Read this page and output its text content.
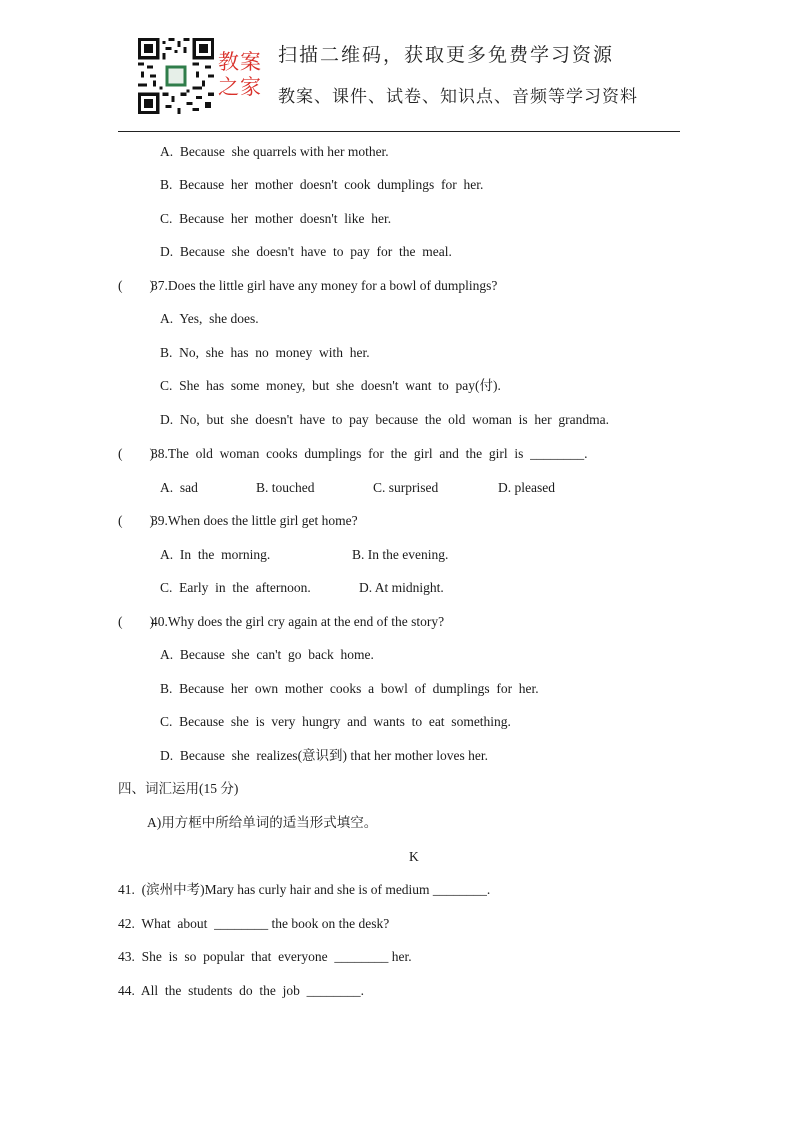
教案
之家
扫描二维码，获取更多免费学习资源
教案、课件、试卷、知识点、音频等学习资料
A.  Because  she quarrels with her mother.
B.  Because  her  mother  doesn't  cook  dumplings  for  her.
C.  Because  her  mother  doesn't  like  her.
D.  Because  she  doesn't  have  to  pay  for  the  meal.
(        )
37.Does the little girl have any money for a bowl of dumplings?
A.  Yes,  she does.
B.  No,  she  has  no  money  with  her.
C.  She  has  some  money,  but  she  doesn't  want  to  pay(付).
D.  No,  but  she  doesn't  have  to  pay  because  the  old  woman  is  her  grandma.
(        )
38.The  old  woman  cooks  dumplings  for  the  girl  and  the  girl  is  ________.
A.  sad	B. touched	C. surprised	D. pleased
(        )
39.When does the little girl get home?
A.  In  the  morning.	B. In the evening.
C.  Early  in  the  afternoon.	D. At midnight.
(        )
40.Why does the girl cry again at the end of the story?
A.  Because  she  can't  go  back  home.
B.  Because  her  own  mother  cooks  a  bowl  of  dumplings  for  her.
C.  Because  she  is  very  hungry  and  wants  to  eat  something.
D.  Because  she  realizes(意识到) that her mother loves her.
四、词汇运用(15 分)
A)用方框中所给单词的适当形式填空。
K
41.  (滨州中考)Mary has curly hair and she is of medium ________.
42.  What  about  ________ the book on the desk?
43.  She  is  so  popular  that  everyone  ________ her.
44.  All  the  students  do  the  job  ________.
